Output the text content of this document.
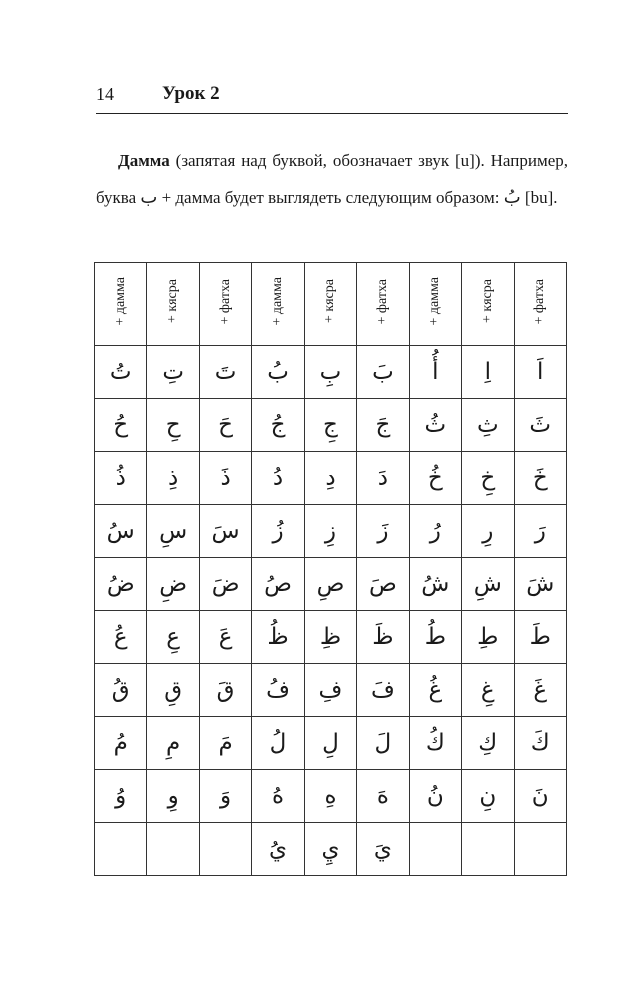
14	Урок 2
Дамма (запятая над буквой, обозначает звук [u]). Например, буква ب + дамма будет выглядеть следующим образом: بُ [bu].
+ дамма	+ кясра	+ фатха	+ дамма	+ кясра	+ фатха	+ дамма	+ кясра	+ фатха
تُ	تِ	تَ	بُ	بِ	بَ	أُ	اِ	اَ
حُ	حِ	حَ	جُ	جِ	جَ	ثُ	ثِ	ثَ
ذُ	ذِ	ذَ	دُ	دِ	دَ	خُ	خِ	خَ
سُ	سِ	سَ	زُ	زِ	زَ	رُ	رِ	رَ
ضُ	ضِ	ضَ	صُ	صِ	صَ	شُ	شِ	شَ
عُ	عِ	عَ	ظُ	ظِ	ظَ	طُ	طِ	طَ
قُ	قِ	قَ	فُ	فِ	فَ	غُ	غِ	غَ
مُ	مِ	مَ	لُ	لِ	لَ	كُ	كِ	كَ
وُ	وِ	وَ	هُ	هِ	هَ	نُ	نِ	نَ
			يُ	يِ	يَ			
